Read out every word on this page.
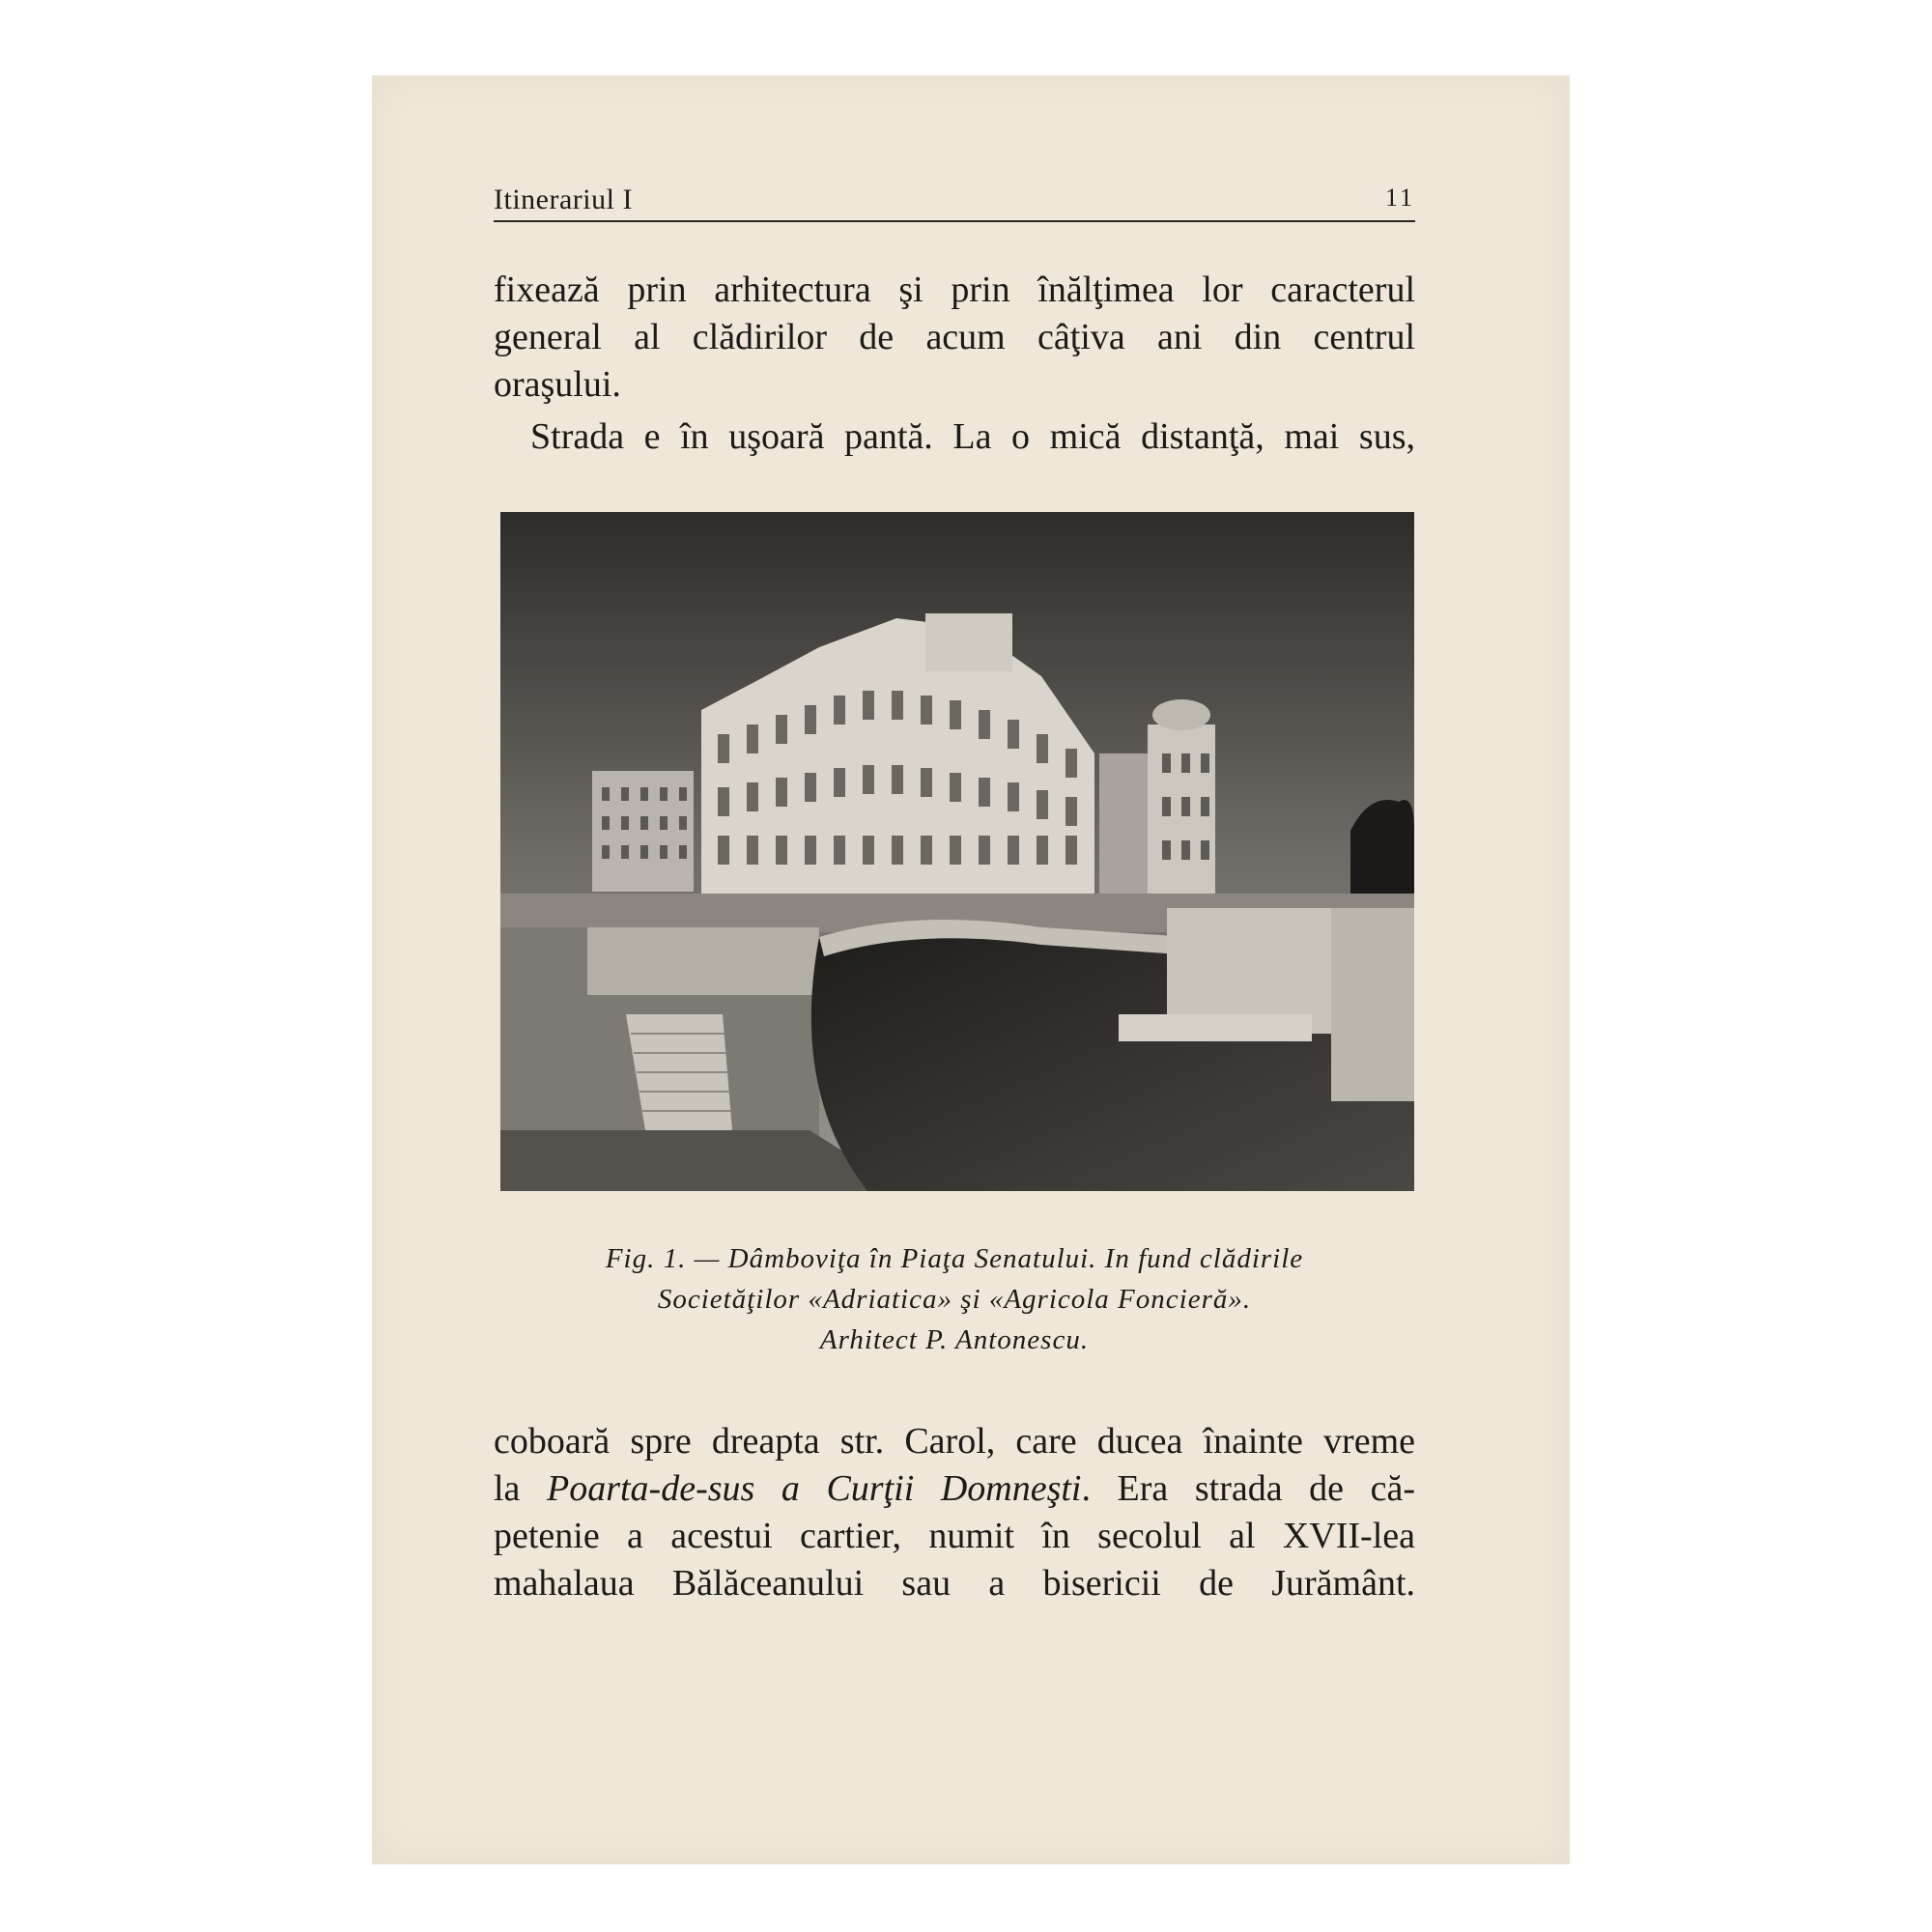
Itinerariul I	11
fixează prin arhitectura şi prin înălţimea lor caracterul
general al clădirilor de acum câţiva ani din centrul
oraşului.
Strada e în uşoară pantă. La o mică distanţă, mai sus,
Fig. 1. — Dâmboviţa în Piaţa Senatului. In fund clădirile
Societăţilor «Adriatica» şi «Agricola Foncieră».
Arhitect P. Antonescu.
coboară spre dreapta str. Carol, care ducea înainte vreme
la Poarta-de-sus a Curţii Domneşti. Era strada de că-
petenie a acestui cartier, numit în secolul al XVII-lea
mahalaua Bălăceanului sau a bisericii de Jurământ.
